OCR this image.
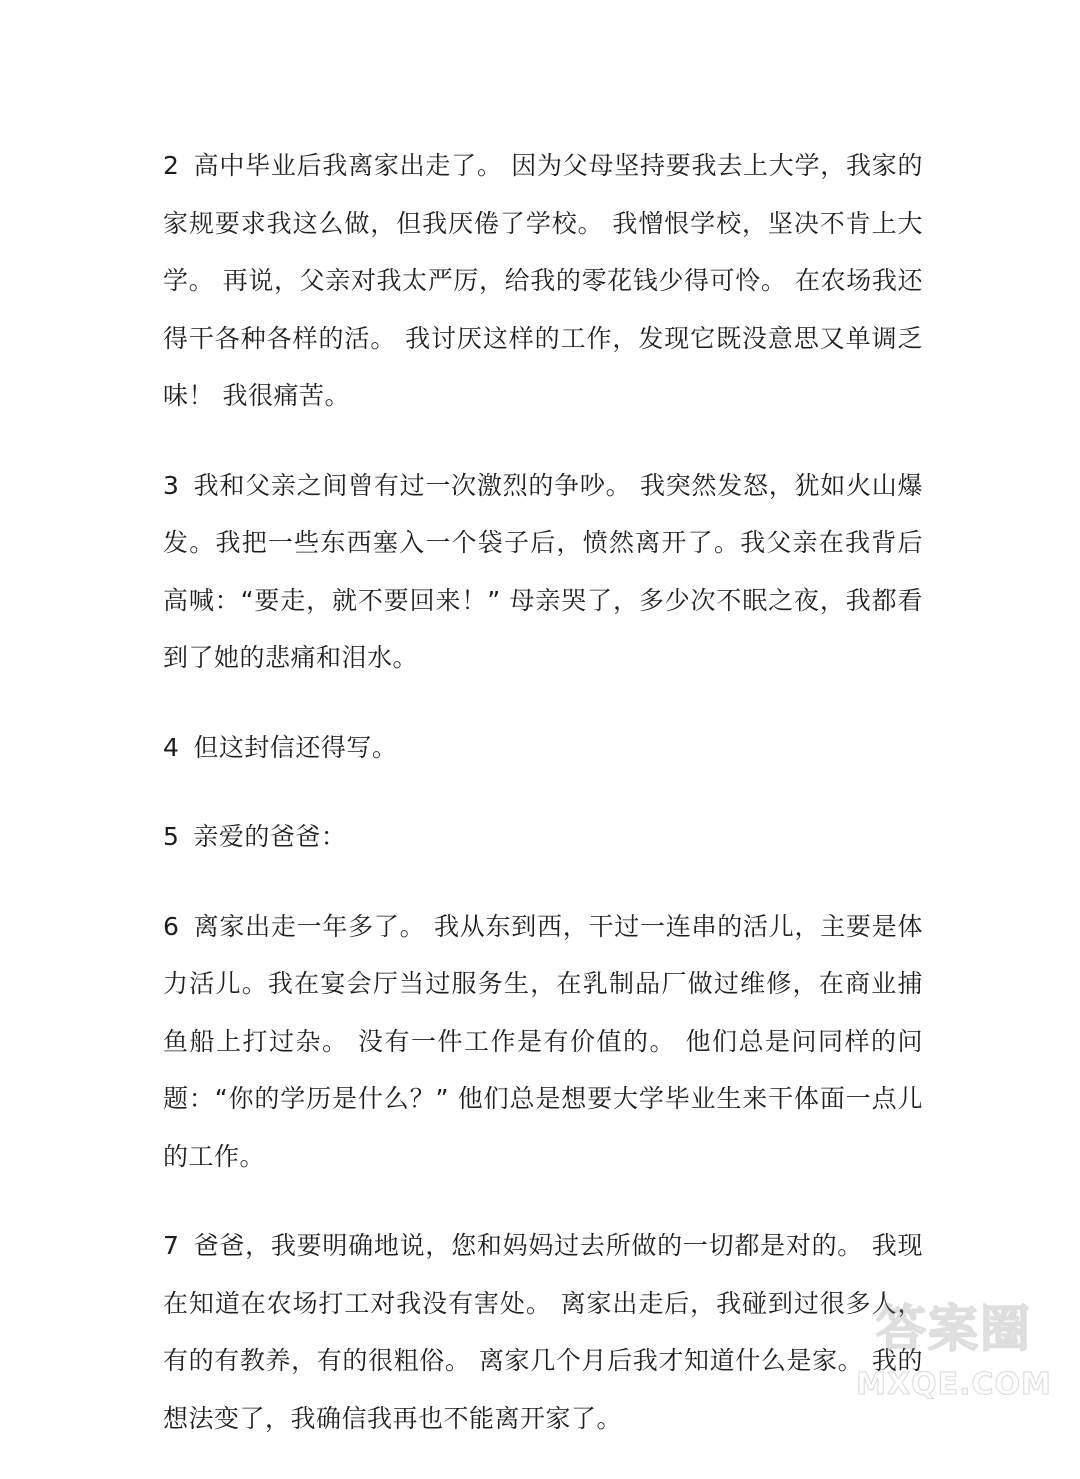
2 高中毕业后我离家出走了。 因为父母坚持要我去上大学，我家的家规要求我这么做，但我厌倦了学校。 我憎恨学校，坚决不肯上大学。 再说，父亲对我太严厉，给我的零花钱少得可怜。 在农场我还得干各种各样的活。 我讨厌这样的工作，发现它既没意思又单调乏味！ 我很痛苦。

3 我和父亲之间曾有过一次激烈的争吵。 我突然发怒，犹如火山爆发。我把一些东西塞入一个袋子后，愤然离开了。我父亲在我背后高喊：“要走，就不要回来！” 母亲哭了，多少次不眠之夜，我都看到了她的悲痛和泪水。

4 但这封信还得写。

5 亲爱的爸爸：

6 离家出走一年多了。 我从东到西，干过一连串的活儿，主要是体力活儿。我在宴会厅当过服务生，在乳制品厂做过维修，在商业捕鱼船上打过杂。 没有一件工作是有价值的。 他们总是问同样的问题：“你的学历是什么？” 他们总是想要大学毕业生来干体面一点儿的工作。

7 爸爸，我要明确地说，您和妈妈过去所做的一切都是对的。 我现在知道在农场打工对我没有害处。 离家出走后，我碰到过很多人，有的有教养，有的很粗俗。 离家几个月后我才知道什么是家。 我的想法变了，我确信我再也不能离开家了。

答案圈
MXQE.COM
